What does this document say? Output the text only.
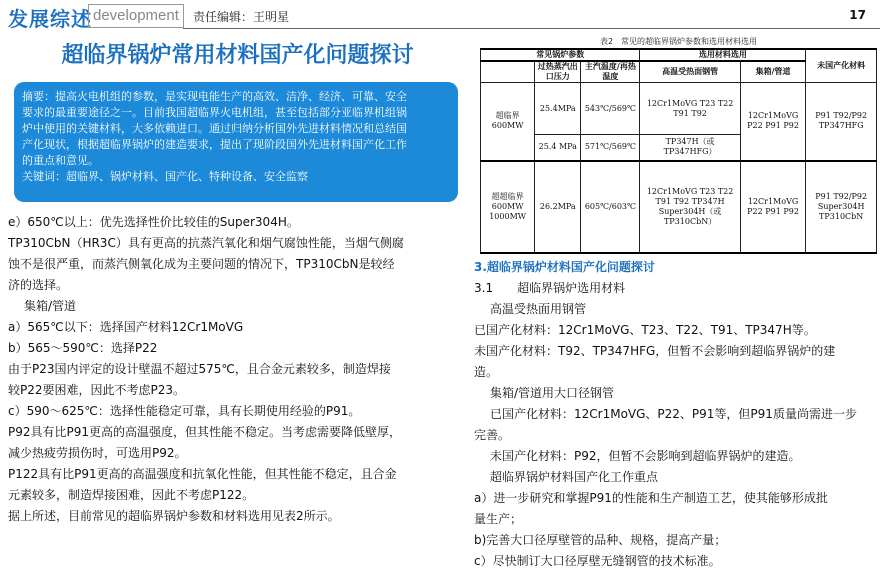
发展综述 development	责任编辑：王明星	17
超临界锅炉常用材料国产化问题探讨

摘要：提高火电机组的参数，是实现电能生产的高效、洁净、经济、可靠、安全

要求的最重要途径之一。目前我国超临界火电机组，甚至包括部分亚临界机组锅

炉中使用的关键材料，大多依赖进口。通过归纳分析国外先进材料情况和总结国

产化现状，根据超临界锅炉的建造要求，提出了现阶段国外先进材料国产化工作

的重点和意见。

关键词：超临界、锅炉材料、国产化、特种设备、安全监察

e）650℃以上：优先选择性价比较佳的Super304H。

TP310CbN（HR3C）具有更高的抗蒸汽氧化和烟气腐蚀性能，当烟气侧腐

蚀不是很严重，而蒸汽侧氧化成为主要问题的情况下，TP310CbN是较经

济的选择。

集箱/管道

a）565℃以下：选择国产材料12Cr1MoVG

b）565～590℃：选择P22

由于P23国内评定的设计壁温不超过575℃，且合金元素较多，制造焊接

较P22要困难，因此不考虑P23。

c）590～625℃：选择性能稳定可靠，具有长期使用经验的P91。

P92具有比P91更高的高温强度，但其性能不稳定。当考虑需要降低壁厚，

减少热疲劳损伤时，可选用P92。

P122具有比P91更高的高温强度和抗氧化性能，但其性能不稳定，且合金

元素较多，制造焊接困难，因此不考虑P122。

据上所述，目前常见的超临界锅炉参数和材料选用见表2所示。

表2　常见的超临界锅炉参数和选用材料选用
常见锅炉参数			选用材料选用		未国产化材料
	过热蒸汽出口压力	主汽温度/再热温度	高温受热面钢管	集箱/管道	
超临界600MW	25.4MPa	543℃/569℃	12Cr1MoVG T23 T22 T91 T92	12Cr1MoVG P22 P91 P92	P91 T92/P92 TP347HFG
	25.4 MPa	571℃/569℃	TP347H（或 TP347HFG）		
超超临界600MW 1000MW	26.2MPa	605℃/603℃	12Cr1MoVG T23 T22 T91 T92 TP347H Super304H（或 TP310CbN）	12Cr1MoVG P22 P91 P92	P91 T92/P92 Super304H TP310CbN

3.超临界锅炉材料国产化问题探讨

3.1　　超临界锅炉选用材料

高温受热面用钢管

已国产化材料：12Cr1MoVG、T23、T22、T91、TP347H等。

未国产化材料：T92、TP347HFG，但暂不会影响到超临界锅炉的建

造。

集箱/管道用大口径钢管

已国产化材料：12Cr1MoVG、P22、P91等，但P91质量尚需进一步

完善。

未国产化材料：P92，但暂不会影响到超临界锅炉的建造。

超临界锅炉材料国产化工作重点

a）进一步研究和掌握P91的性能和生产制造工艺，使其能够形成批

量生产；

b)完善大口径厚壁管的品种、规格，提高产量；

c）尽快制订大口径厚壁无缝钢管的技术标准。
